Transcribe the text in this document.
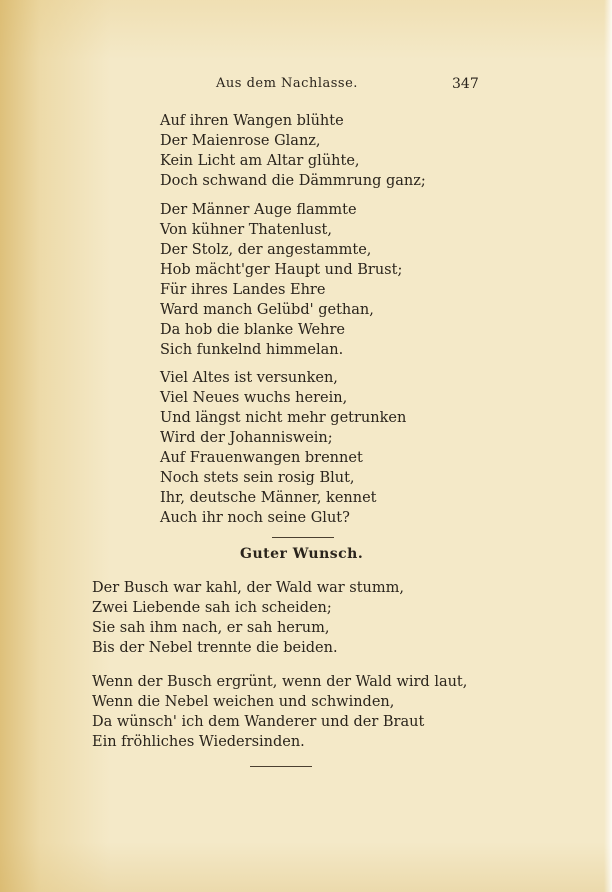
Aus dem Nachlasse.	347
Auf ihren Wangen blühte
Der Maienrose Glanz,
Kein Licht am Altar glühte,
Doch schwand die Dämmrung ganz;
Der Männer Auge flammte
Von kühner Thatenlust,
Der Stolz, der angestammte,
Hob mächt'ger Haupt und Brust;
Für ihres Landes Ehre
Ward manch Gelübd' gethan,
Da hob die blanke Wehre
Sich funkelnd himmelan.
Viel Altes ist versunken,
Viel Neues wuchs herein,
Und längst nicht mehr getrunken
Wird der Johanniswein;
Auf Frauenwangen brennet
Noch stets sein rosig Blut,
Ihr, deutsche Männer, kennet
Auch ihr noch seine Glut?
Guter Wunsch.
Der Busch war kahl, der Wald war stumm,
Zwei Liebende sah ich scheiden;
Sie sah ihm nach, er sah herum,
Bis der Nebel trennte die beiden.
Wenn der Busch ergrünt, wenn der Wald wird laut,
Wenn die Nebel weichen und schwinden,
Da wünsch' ich dem Wanderer und der Braut
Ein fröhliches Wiedersinden.
